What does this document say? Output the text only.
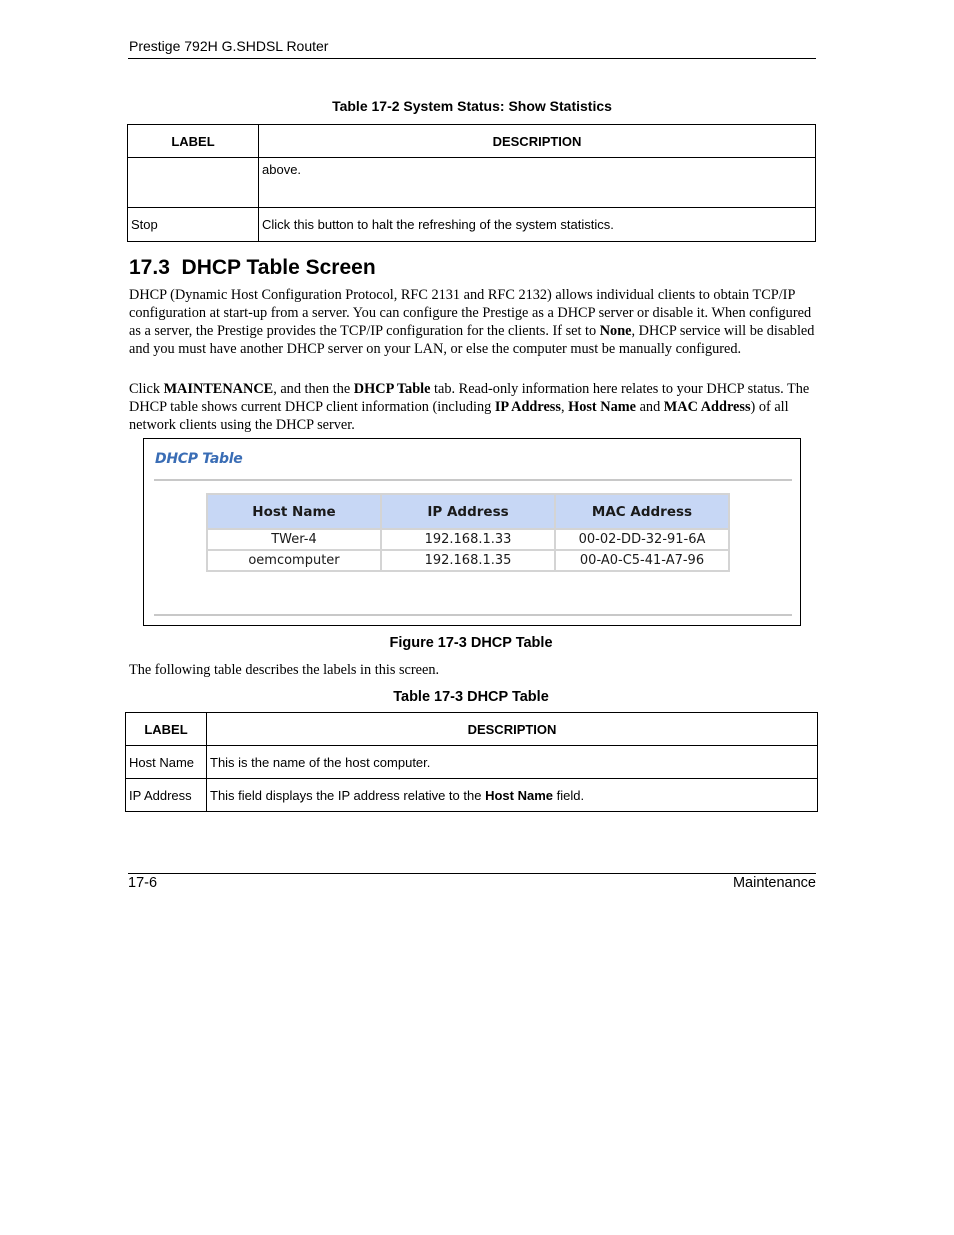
Prestige 792H G.SHDSL Router
Table 17-2 System Status: Show Statistics
LABEL	DESCRIPTION
	above.
Stop	Click this button to halt the refreshing of the system statistics.
17.3  DHCP Table Screen
DHCP (Dynamic Host Configuration Protocol, RFC 2131 and RFC 2132) allows individual clients to obtain TCP/IP configuration at start-up from a server. You can configure the Prestige as a DHCP server or disable it. When configured as a server, the Prestige provides the TCP/IP configuration for the clients. If set to None, DHCP service will be disabled and you must have another DHCP server on your LAN, or else the computer must be manually configured.
Click MAINTENANCE, and then the DHCP Table tab. Read-only information here relates to your DHCP status. The DHCP table shows current DHCP client information (including IP Address, Host Name and MAC Address) of all network clients using the DHCP server.
DHCP Table
Host Name	IP Address	MAC Address
TWer-4	192.168.1.33	00-02-DD-32-91-6A
oemcomputer	192.168.1.35	00-A0-C5-41-A7-96
Figure 17-3 DHCP Table
The following table describes the labels in this screen.
Table 17-3 DHCP Table
LABEL	DESCRIPTION
Host Name	This is the name of the host computer.
IP Address	This field displays the IP address relative to the Host Name field.
17-6	Maintenance
